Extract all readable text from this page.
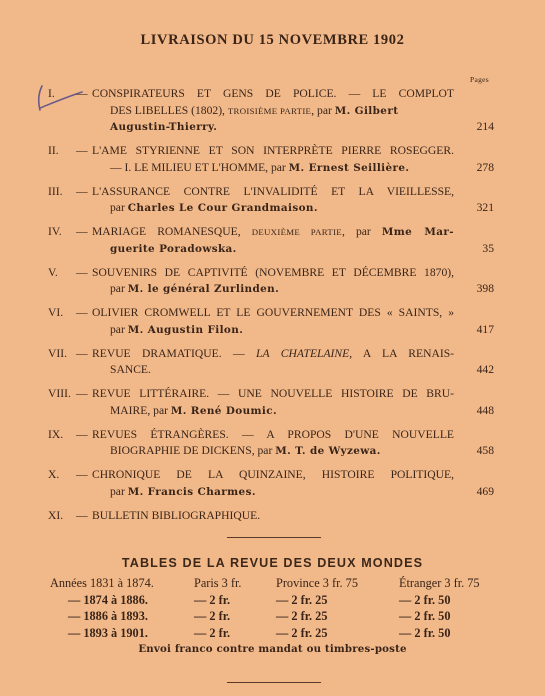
LIVRAISON DU 15 NOVEMBRE 1902
Pages
I. — CONSPIRATEURS ET GENS DE POLICE. — LE COMPLOT
DES LIBELLES (1802), TROISIÈME PARTIE, par M. Gilbert
Augustin-Thierry.	214
II. — L'AME STYRIENNE ET SON INTERPRÈTE PIERRE ROSEGGER.
— I. LE MILIEU ET L'HOMME, par M. Ernest Seillière.	278
III. — L'ASSURANCE CONTRE L'INVALIDITÉ ET LA VIEILLESSE,
par Charles Le Cour Grandmaison.	321
IV. — MARIAGE ROMANESQUE, DEUXIÈME PARTIE, par Mme Mar-
guerite Poradowska.	35
V. — SOUVENIRS DE CAPTIVITÉ (NOVEMBRE ET DÉCEMBRE 1870),
par M. le général Zurlinden.	398
VI. — OLIVIER CROMWELL ET LE GOUVERNEMENT DES « SAINTS, »
par M. Augustin Filon.	417
VII. — REVUE DRAMATIQUE. — LA CHATELAINE, A LA RENAIS-
SANCE.	442
VIII. — REVUE LITTÉRAIRE. — UNE NOUVELLE HISTOIRE DE BRU-
MAIRE, par M. René Doumic.	448
IX. — REVUES ÉTRANGÈRES. — A PROPOS D'UNE NOUVELLE
BIOGRAPHIE DE DICKENS, par M. T. de Wyzewa.	458
X. — CHRONIQUE DE LA QUINZAINE, HISTOIRE POLITIQUE,
par M. Francis Charmes.	469
XI. — BULLETIN BIBLIOGRAPHIQUE.
TABLES DE LA REVUE DES DEUX MONDES
Années 1831 à 1874.	Paris 3 fr.	Province 3 fr. 75	Étranger 3 fr. 75
— 1874 à 1886.	— 2 fr.	— 2 fr. 25	— 2 fr. 50
— 1886 à 1893.	— 2 fr.	— 2 fr. 25	— 2 fr. 50
— 1893 à 1901.	— 2 fr.	— 2 fr. 25	— 2 fr. 50
Envoi franco contre mandat ou timbres-poste
